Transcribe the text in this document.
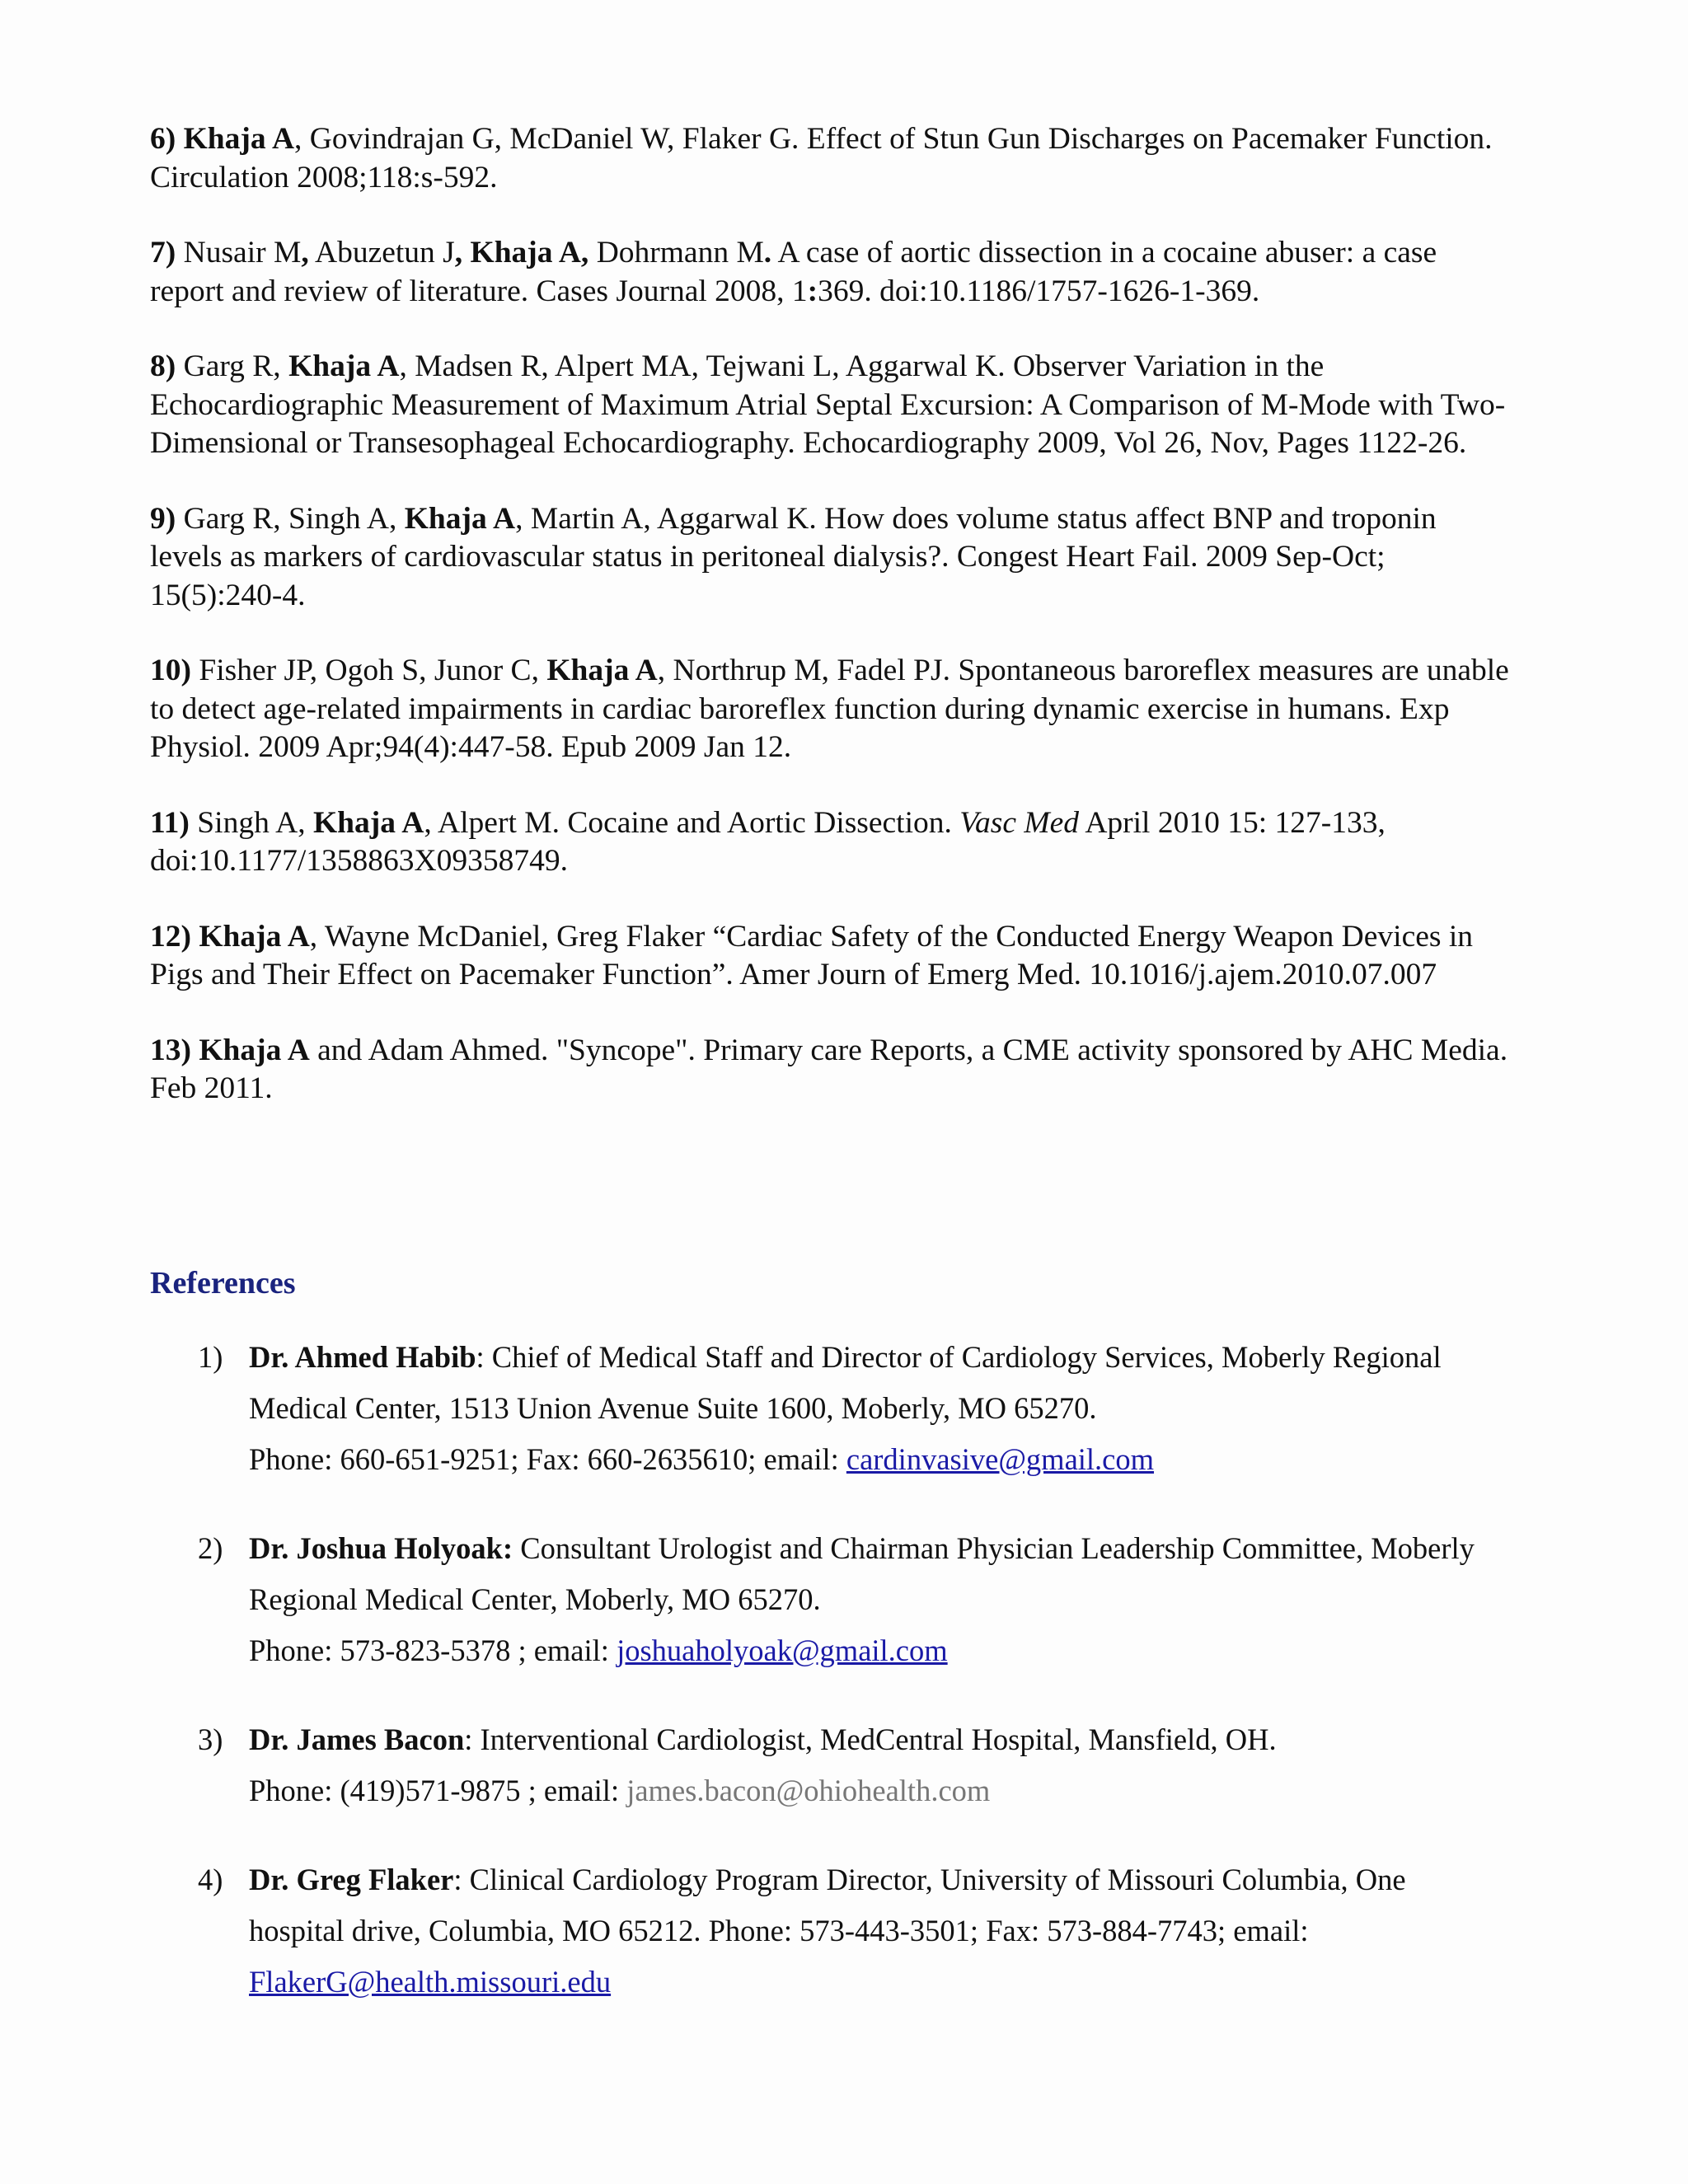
6) Khaja A, Govindrajan G, McDaniel W, Flaker G. Effect of Stun Gun Discharges on Pacemaker Function. Circulation 2008;118:s-592.

7) Nusair M, Abuzetun J, Khaja A, Dohrmann M. A case of aortic dissection in a cocaine abuser: a case report and review of literature. Cases Journal 2008, 1:369. doi:10.1186/1757-1626-1-369.

8) Garg R, Khaja A, Madsen R, Alpert MA, Tejwani L, Aggarwal K. Observer Variation in the Echocardiographic Measurement of Maximum Atrial Septal Excursion: A Comparison of M-Mode with Two-Dimensional or Transesophageal Echocardiography. Echocardiography 2009, Vol 26, Nov, Pages 1122-26.

9) Garg R, Singh A, Khaja A, Martin A, Aggarwal K. How does volume status affect BNP and troponin levels as markers of cardiovascular status in peritoneal dialysis?. Congest Heart Fail. 2009 Sep-Oct; 15(5):240-4.

10) Fisher JP, Ogoh S, Junor C, Khaja A, Northrup M, Fadel PJ. Spontaneous baroreflex measures are unable to detect age-related impairments in cardiac baroreflex function during dynamic exercise in humans. Exp Physiol. 2009 Apr;94(4):447-58. Epub 2009 Jan 12.

11) Singh A, Khaja A, Alpert M. Cocaine and Aortic Dissection. Vasc Med April 2010 15: 127-133, doi:10.1177/1358863X09358749.

12) Khaja A, Wayne McDaniel, Greg Flaker “Cardiac Safety of the Conducted Energy Weapon Devices in Pigs and Their Effect on Pacemaker Function”. Amer Journ of Emerg Med. 10.1016/j.ajem.2010.07.007

13) Khaja A and Adam Ahmed. "Syncope". Primary care Reports, a CME activity sponsored by AHC Media. Feb 2011.

References
1) Dr. Ahmed Habib: Chief of Medical Staff and Director of Cardiology Services, Moberly Regional
Medical Center, 1513 Union Avenue Suite 1600, Moberly, MO 65270.
Phone: 660-651-9251; Fax: 660-2635610; email: cardinvasive@gmail.com
2) Dr. Joshua Holyoak: Consultant Urologist and Chairman Physician Leadership Committee, Moberly
Regional Medical Center, Moberly, MO 65270.
Phone: 573-823-5378 ; email: joshuaholyoak@gmail.com
3) Dr. James Bacon: Interventional Cardiologist, MedCentral Hospital, Mansfield, OH.
Phone: (419)571-9875 ; email: james.bacon@ohiohealth.com
4) Dr. Greg Flaker: Clinical Cardiology Program Director, University of Missouri Columbia, One
hospital drive, Columbia, MO 65212. Phone: 573-443-3501; Fax: 573-884-7743; email:
FlakerG@health.missouri.edu
